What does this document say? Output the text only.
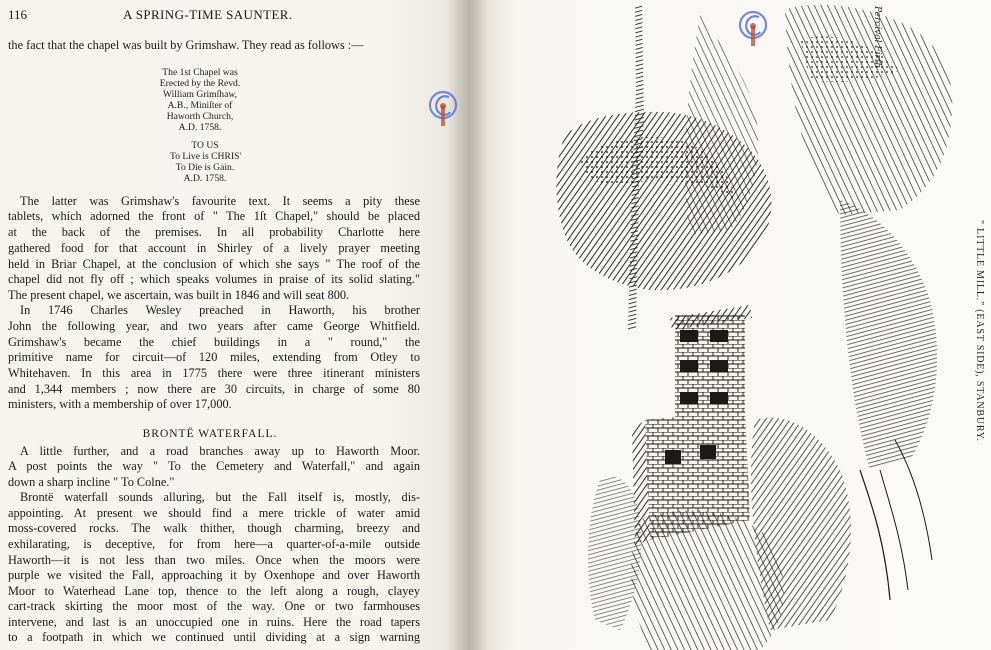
116	A SPRING-TIME SAUNTER.
the fact that the chapel was built by Grimshaw. They read as follows :—
The 1st Chapel was
Erected by the Revd.
William Grimſhaw,
A.B., Miniſter of
Haworth Church,
A.D. 1758.
TO US
To Live is CHRIS'
To Die is Gain.
A.D. 1758.
The latter was Grimshaw's favourite text. It seems a pity these
tablets, which adorned the front of " The 1ſt Chapel," should be placed
at the back of the premises. In all probability Charlotte here
gathered food for that account in Shirley of a lively prayer meeting
held in Briar Chapel, at the conclusion of which she says " The roof of the
chapel did not fly off ; which speaks volumes in praise of its solid slating."
The present chapel, we ascertain, was built in 1846 and will seat 800.
In 1746 Charles Wesley preached in Haworth, his brother
John the following year, and two years after came George Whitfield.
Grimshaw's became the chief buildings in a " round," the
primitive name for circuit—of 120 miles, extending from Otley to
Whitehaven. In this area in 1775 there were three itinerant ministers
and 1,344 members ; now there are 30 circuits, in charge of some 80
ministers, with a membership of over 17,000.
BRONTË WATERFALL.
A little further, and a road branches away up to Haworth Moor.
A post points the way " To the Cemetery and Waterfall," and again
down a sharp incline " To Colne."
Brontë waterfall sounds alluring, but the Fall itself is, mostly, dis-
appointing. At present we should find a mere trickle of water amid
moss-covered rocks. The walk thither, though charming, breezy and
exhilarating, is deceptive, for from here—a quarter-of-a-mile outside
Haworth—it is not less than two miles. Once when the moors were
purple we visited the Fall, approaching it by Oxenhope and over Haworth
Moor to Waterhead Lane top, thence to the left along a rough, clayey
cart-track skirting the moor most of the way. One or two farmhouses
intervene, and last is an unoccupied one in ruins. Here the road tapers
to a footpath in which we continued until dividing at a sign warning
Percival Firth
" LITTLE MILL." (EAST SIDE), STANBURY.
